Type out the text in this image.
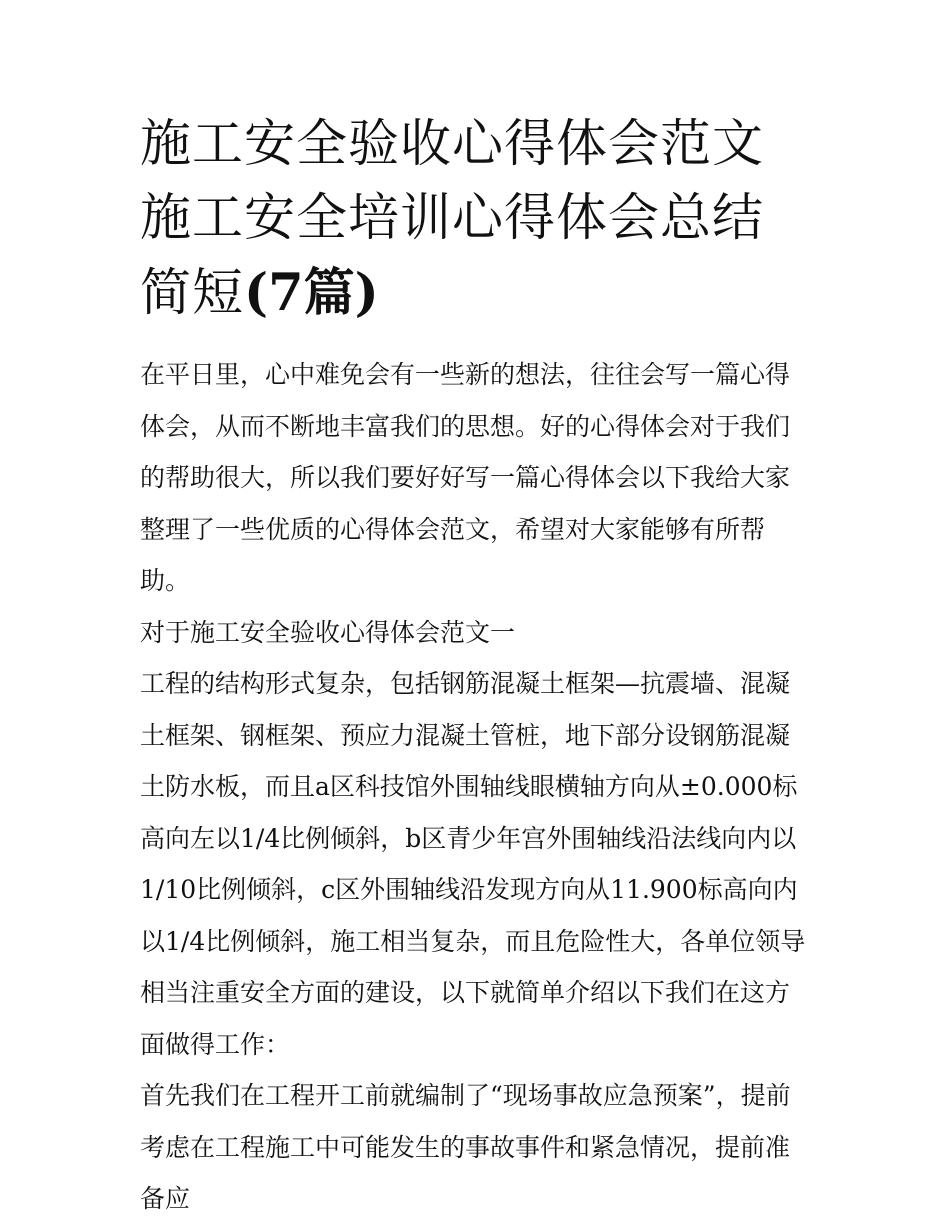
施工安全验收心得体会范文 施工安全培训心得体会总结简短(7篇)

在平日里，心中难免会有一些新的想法，往往会写一篇心得体会，从而不断地丰富我们的思想。好的心得体会对于我们的帮助很大，所以我们要好好写一篇心得体会以下我给大家整理了一些优质的心得体会范文，希望对大家能够有所帮助。

对于施工安全验收心得体会范文一

工程的结构形式复杂，包括钢筋混凝土框架—抗震墙、混凝土框架、钢框架、预应力混凝土管桩，地下部分设钢筋混凝土防水板，而且a区科技馆外围轴线眼横轴方向从±0.000标高向左以1/4比例倾斜，b区青少年宫外围轴线沿法线向内以1/10比例倾斜，c区外围轴线沿发现方向从11.900标高向内以1/4比例倾斜，施工相当复杂，而且危险性大，各单位领导相当注重安全方面的建设，以下就简单介绍以下我们在这方面做得工作：

首先我们在工程开工前就编制了“现场事故应急预案”，提前考虑在工程施工中可能发生的事故事件和紧急情况，提前准备应
